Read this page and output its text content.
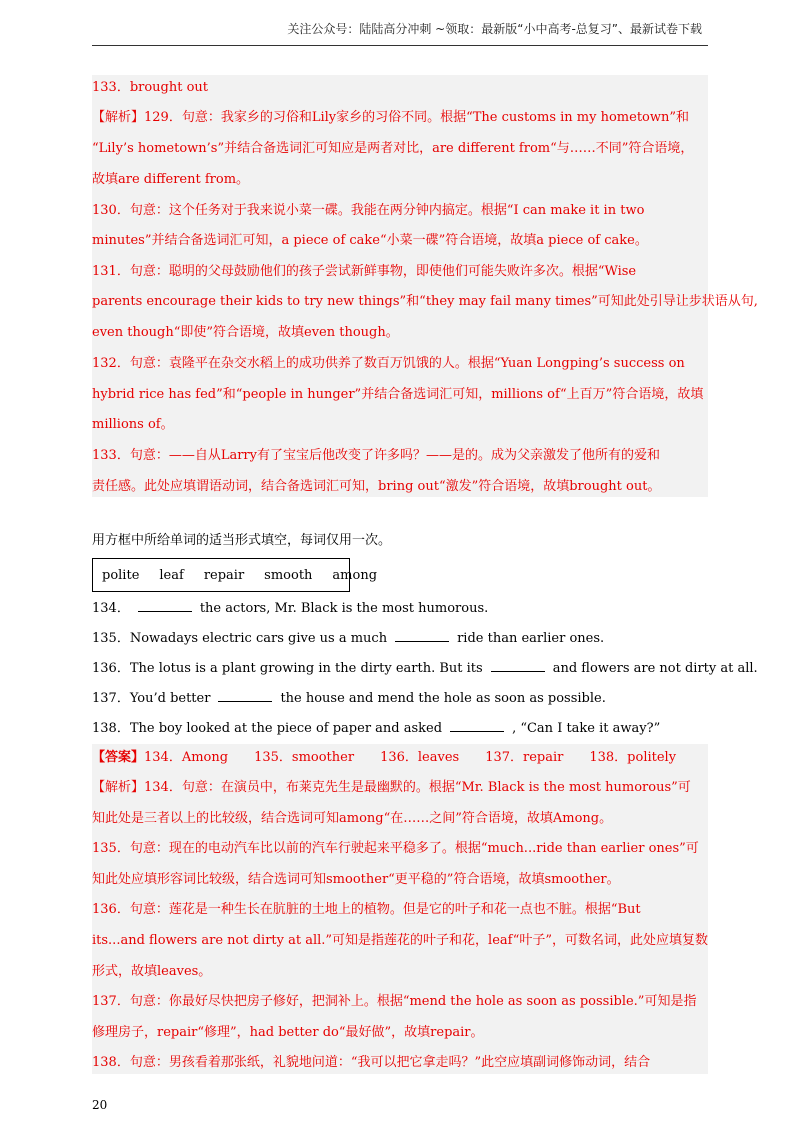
关注公众号：陆陆高分冲刺 ~领取：最新版“小中高考-总复习”、最新试卷下载
133．brought out
【解析】129．句意：我家乡的习俗和Lily家乡的习俗不同。根据“The customs in my hometown”和
“Lily’s hometown’s”并结合备选词汇可知应是两者对比，are different from“与……不同”符合语境，
故填are different from。
130．句意：这个任务对于我来说小菜一碟。我能在两分钟内搞定。根据“I can make it in two
minutes”并结合备选词汇可知，a piece of cake“小菜一碟”符合语境，故填a piece of cake。
131．句意：聪明的父母鼓励他们的孩子尝试新鲜事物，即使他们可能失败许多次。根据“Wise
parents encourage their kids to try new things”和“they may fail many times”可知此处引导让步状语从句,
even though“即使”符合语境，故填even though。
132．句意：袁隆平在杂交水稻上的成功供养了数百万饥饿的人。根据“Yuan Longping’s success on
hybrid rice has fed”和“people in hunger”并结合备选词汇可知，millions of“上百万”符合语境，故填
millions of。
133．句意：——自从Larry有了宝宝后他改变了许多吗？——是的。成为父亲激发了他所有的爱和
责任感。此处应填谓语动词，结合备选词汇可知，bring out“激发”符合语境，故填brought out。
用方框中所给单词的适当形式填空，每词仅用一次。
polite leaf repair smooth among
134．	the actors, Mr. Black is the most humorous.
135．Nowadays electric cars give us a much	ride than earlier ones.
136．The lotus is a plant growing in the dirty earth. But its	and flowers are not dirty at all.
137．You’d better	the house and mend the hole as soon as possible.
138．The boy looked at the piece of paper and asked	, “Can I take it away?”
【答案】134．Among 135．smoother 136．leaves 137．repair 138．politely
【解析】134．句意：在演员中，布莱克先生是最幽默的。根据“Mr. Black is the most humorous”可
知此处是三者以上的比较级，结合选词可知among“在……之间”符合语境，故填Among。
135．句意：现在的电动汽车比以前的汽车行驶起来平稳多了。根据“much...ride than earlier ones”可
知此处应填形容词比较级，结合选词可知smoother“更平稳的”符合语境，故填smoother。
136．句意：莲花是一种生长在肮脏的土地上的植物。但是它的叶子和花一点也不脏。根据“But
its...and flowers are not dirty at all.”可知是指莲花的叶子和花，leaf“叶子”，可数名词，此处应填复数
形式，故填leaves。
137．句意：你最好尽快把房子修好，把洞补上。根据“mend the hole as soon as possible.”可知是指
修理房子，repair“修理”，had better do“最好做”，故填repair。
138．句意：男孩看着那张纸，礼貌地问道：“我可以把它拿走吗？”此空应填副词修饰动词，结合
20
